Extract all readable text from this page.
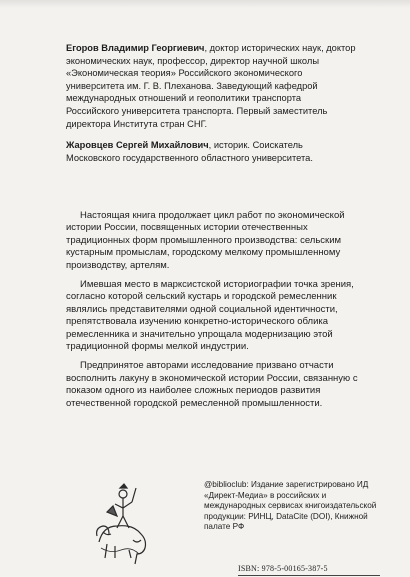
Егоров Владимир Георгиевич, доктор исторических наук, доктор экономических наук, профессор, директор научной школы «Экономическая теория» Российского экономического университета им. Г. В. Плеханова. Заведующий кафедрой международных отношений и геополитики транспорта Российского университета транспорта. Первый заместитель директора Института стран СНГ.

Жаровцев Сергей Михайлович, историк. Соискатель Московского государственного областного университета.

Настоящая книга продолжает цикл работ по экономической истории России, посвященных истории отечественных традиционных форм промышленного производства: сельским кустарным промыслам, городскому мелкому промышленному производству, артелям.

Имевшая место в марксистской историографии точка зрения, согласно которой сельский кустарь и городской ремесленник являлись представителями одной социальной идентичности, препятствовала изучению конкретно-исторического облика ремесленника и значительно упрощала модернизацию этой традиционной формы мелкой индустрии.

Предпринятое авторами исследование призвано отчасти восполнить лакуну в экономической истории России, связанную с показом одного из наиболее сложных периодов развития отечественной городской ремесленной промышленности.

@biblioclub: Издание зарегистрировано ИД «Директ-Медиа» в российских и международных сервисах книгоиздательской продукции: РИНЦ, DataCite (DOI), Книжной палате РФ
ISBN: 978-5-00165-387-5
